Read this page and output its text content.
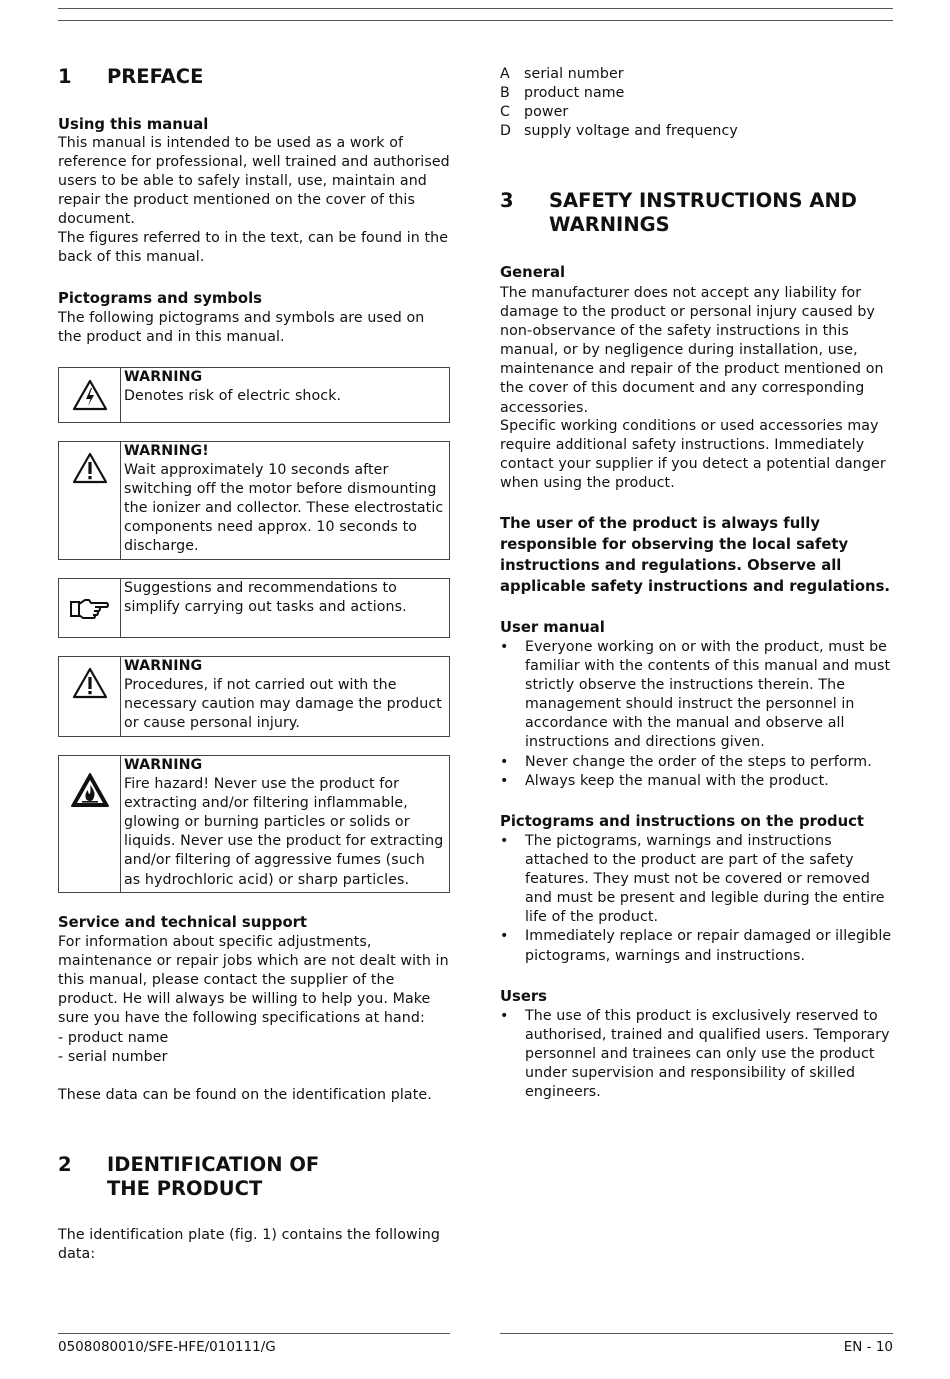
1	PREFACE
Using this manual

This manual is intended to be used as a work of reference for professional, well trained and authorised users to be able to safely install, use, maintain and repair the product mentioned on the cover of this document.

The figures referred to in the text, can be found in the back of this manual.

Pictograms and symbols

The following pictograms and symbols are used on the product and in this manual.

WARNING
Denotes risk of electric shock.
WARNING!
Wait approximately 10 seconds after switching off the motor before dismounting the ionizer and collector. These electrostatic components need approx. 10 seconds to discharge.
Suggestions and recommendations to simplify carrying out tasks and actions.
WARNING
Procedures, if not carried out with the necessary caution may damage the product or cause personal injury.
WARNING
Fire hazard! Never use the product for extracting and/or filtering inflammable, glowing or burning particles or solids or liquids. Never use the product for extracting and/or filtering of aggressive fumes (such as hydrochloric acid) or sharp particles.
Service and technical support

For information about specific adjustments, maintenance or repair jobs which are not dealt with in this manual, please contact the supplier of the product. He will always be willing to help you. Make sure you have the following specifications at hand:

- product name

- serial number

These data can be found on the identification plate.

2	IDENTIFICATION OF THE PRODUCT

The identification plate (fig. 1) contains the following data:

A serial number
B product name
C power
D supply voltage and frequency
3	SAFETY INSTRUCTIONS AND WARNINGS
General

The manufacturer does not accept any liability for damage to the product or personal injury caused by non-observance of the safety instructions in this manual, or by negligence during installation, use, maintenance and repair of the product mentioned on the cover of this document and any corresponding accessories.

Specific working conditions or used accessories may require additional safety instructions. Immediately contact your supplier if you detect a potential danger when using the product.

The user of the product is always fully responsible for observing the local safety instructions and regulations. Observe all applicable safety instructions and regulations.

User manual
• Everyone working on or with the product, must be familiar with the contents of this manual and must strictly observe the instructions therein. The management should instruct the personnel in accordance with the manual and observe all instructions and directions given.
• Never change the order of the steps to perform.
• Always keep the manual with the product.
Pictograms and instructions on the product
• The pictograms, warnings and instructions attached to the product are part of the safety features. They must not be covered or removed and must be present and legible during the entire life of the product.
• Immediately replace or repair damaged or illegible pictograms, warnings and instructions.
Users
• The use of this product is exclusively reserved to authorised, trained and qualified users. Temporary personnel and trainees can only use the product under supervision and responsibility of skilled engineers.
0508080010/SFE-HFE/010111/G	EN - 10
